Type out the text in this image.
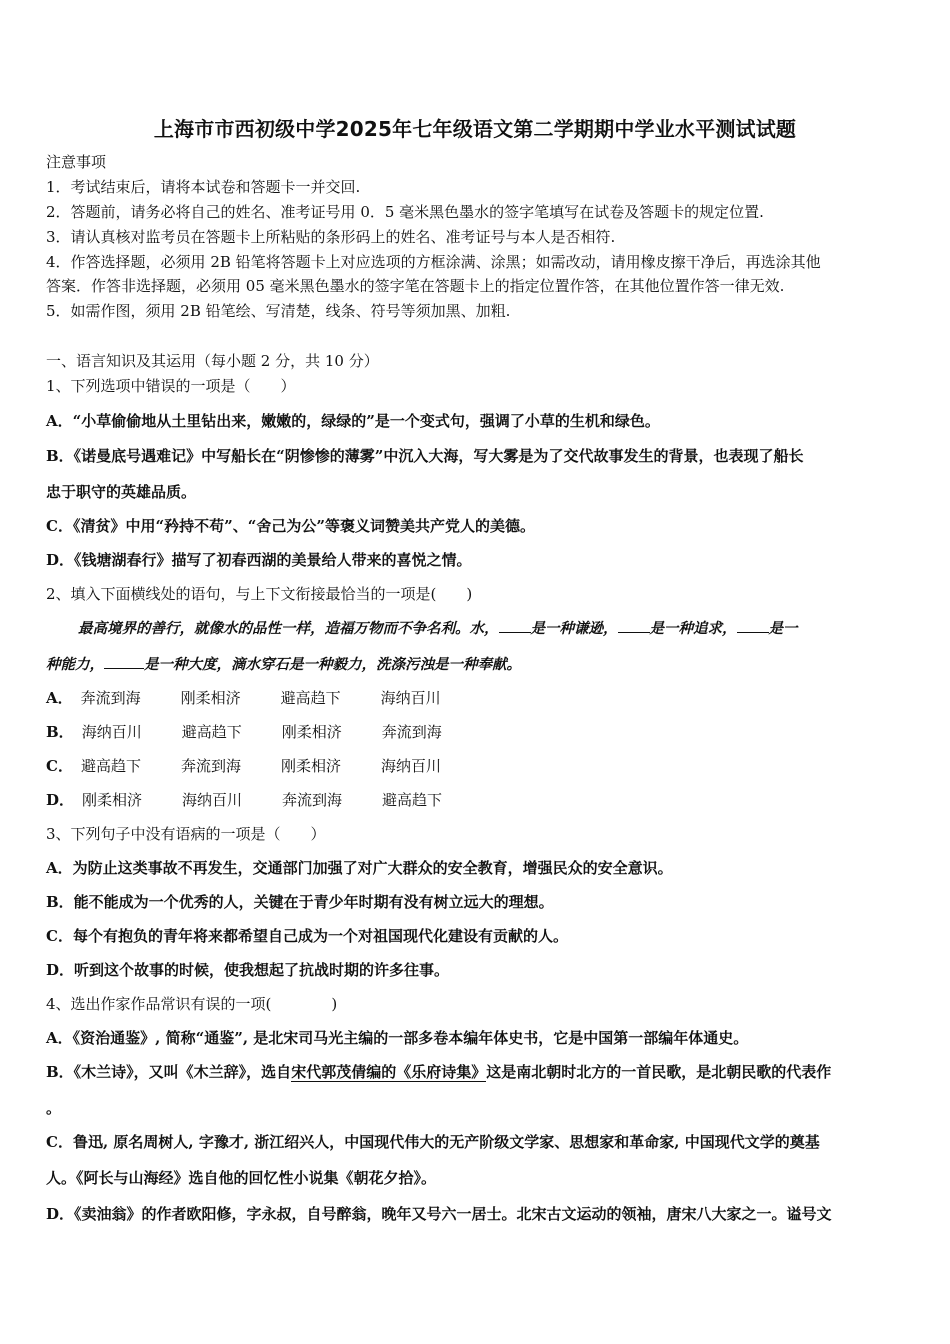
上海市市西初级中学2025年七年级语文第二学期期中学业水平测试试题
注意事项
1．考试结束后，请将本试卷和答题卡一并交回.
2．答题前，请务必将自己的姓名、准考证号用 0．5 毫米黑色墨水的签字笔填写在试卷及答题卡的规定位置.
3．请认真核对监考员在答题卡上所粘贴的条形码上的姓名、准考证号与本人是否相符.
4．作答选择题，必须用 2B 铅笔将答题卡上对应选项的方框涂满、涂黑；如需改动，请用橡皮擦干净后，再选涂其他
答案．作答非选择题，必须用 05 毫米黑色墨水的签字笔在答题卡上的指定位置作答，在其他位置作答一律无效.
5．如需作图，须用 2B 铅笔绘、写清楚，线条、符号等须加黑、加粗.
一、语言知识及其运用（每小题 2 分，共 10 分）
1、下列选项中错误的一项是（　　）
A．“小草偷偷地从土里钻出来，嫩嫩的，绿绿的”是一个变式句，强调了小草的生机和绿色。
B．《诺曼底号遇难记》中写船长在“阴惨惨的薄雾”中沉入大海，写大雾是为了交代故事发生的背景，也表现了船长
忠于职守的英雄品质。
C．《清贫》中用“矜持不苟”、“舍己为公”等褒义词赞美共产党人的美德。
D．《钱塘湖春行》描写了初春西湖的美景给人带来的喜悦之情。
2、填入下面横线处的语句，与上下文衔接最恰当的一项是(　　)
最高境界的善行，就像水的品性一样，造福万物而不争名利。水， 是一种谦逊， 是一种追求， 是一
种能力，	是一种大度，滴水穿石是一种毅力，洗涤污浊是一种奉献。
A． 奔流到海	刚柔相济	避高趋下	海纳百川
B． 海纳百川	避高趋下	刚柔相济	奔流到海
C． 避高趋下	奔流到海	刚柔相济	海纳百川
D． 刚柔相济	海纳百川	奔流到海	避高趋下
3、下列句子中没有语病的一项是（　　）
A．为防止这类事故不再发生，交通部门加强了对广大群众的安全教育，增强民众的安全意识。
B．能不能成为一个优秀的人，关键在于青少年时期有没有树立远大的理想。
C．每个有抱负的青年将来都希望自己成为一个对祖国现代化建设有贡献的人。
D．听到这个故事的时候，使我想起了抗战时期的许多往事。
4、选出作家作品常识有误的一项(　　　　)
A．《资治通鉴》, 简称“通鉴”, 是北宋司马光主编的一部多卷本编年体史书，它是中国第一部编年体通史。
B．《木兰诗》，又叫《木兰辞》，选自宋代郭茂倩编的《乐府诗集》这是南北朝时北方的一首民歌，是北朝民歌的代表作
。
C．鲁迅, 原名周树人, 字豫才, 浙江绍兴人，中国现代伟大的无产阶级文学家、思想家和革命家, 中国现代文学的奠基
人。《阿长与山海经》选自他的回忆性小说集《朝花夕拾》。
D．《卖油翁》的作者欧阳修，字永叔，自号醉翁，晚年又号六一居士。北宋古文运动的领袖，唐宋八大家之一。谥号文
